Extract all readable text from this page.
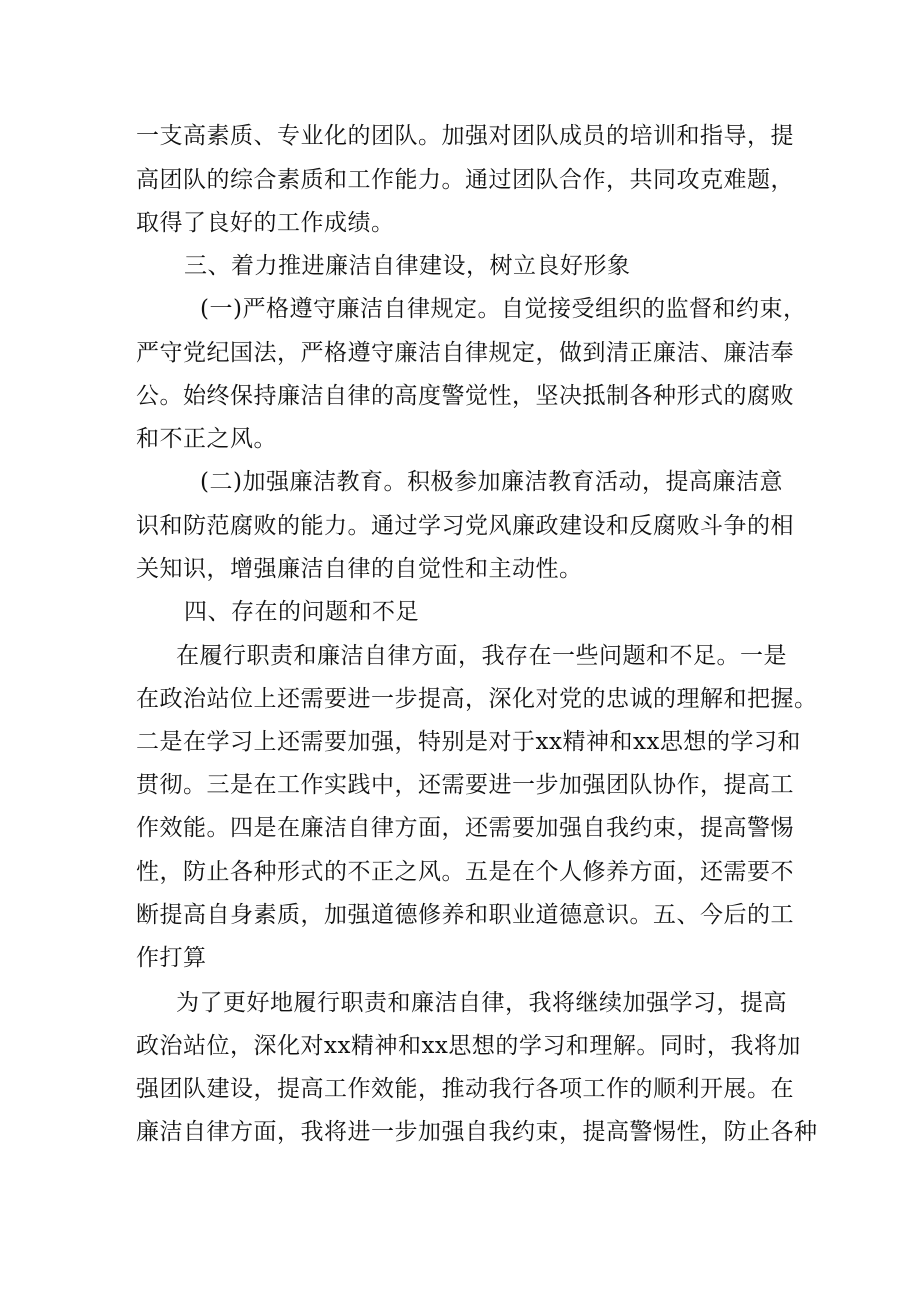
一支高素质、专业化的团队。加强对团队成员的培训和指导，提
高团队的综合素质和工作能力。通过团队合作，共同攻克难题，
取得了良好的工作成绩。
三、着力推进廉洁自律建设，树立良好形象
(一)严格遵守廉洁自律规定。自觉接受组织的监督和约束，
严守党纪国法，严格遵守廉洁自律规定，做到清正廉洁、廉洁奉
公。始终保持廉洁自律的高度警觉性，坚决抵制各种形式的腐败
和不正之风。
(二)加强廉洁教育。积极参加廉洁教育活动，提高廉洁意
识和防范腐败的能力。通过学习党风廉政建设和反腐败斗争的相
关知识，增强廉洁自律的自觉性和主动性。
四、存在的问题和不足
在履行职责和廉洁自律方面，我存在一些问题和不足。一是
在政治站位上还需要进一步提高，深化对党的忠诚的理解和把握。
二是在学习上还需要加强，特别是对于xx精神和xx思想的学习和
贯彻。三是在工作实践中，还需要进一步加强团队协作，提高工
作效能。四是在廉洁自律方面，还需要加强自我约束，提高警惕
性，防止各种形式的不正之风。五是在个人修养方面，还需要不
断提高自身素质，加强道德修养和职业道德意识。五、今后的工
作打算
为了更好地履行职责和廉洁自律，我将继续加强学习，提高
政治站位，深化对xx精神和xx思想的学习和理解。同时，我将加
强团队建设，提高工作效能，推动我行各项工作的顺利开展。在
廉洁自律方面，我将进一步加强自我约束，提高警惕性，防止各种
